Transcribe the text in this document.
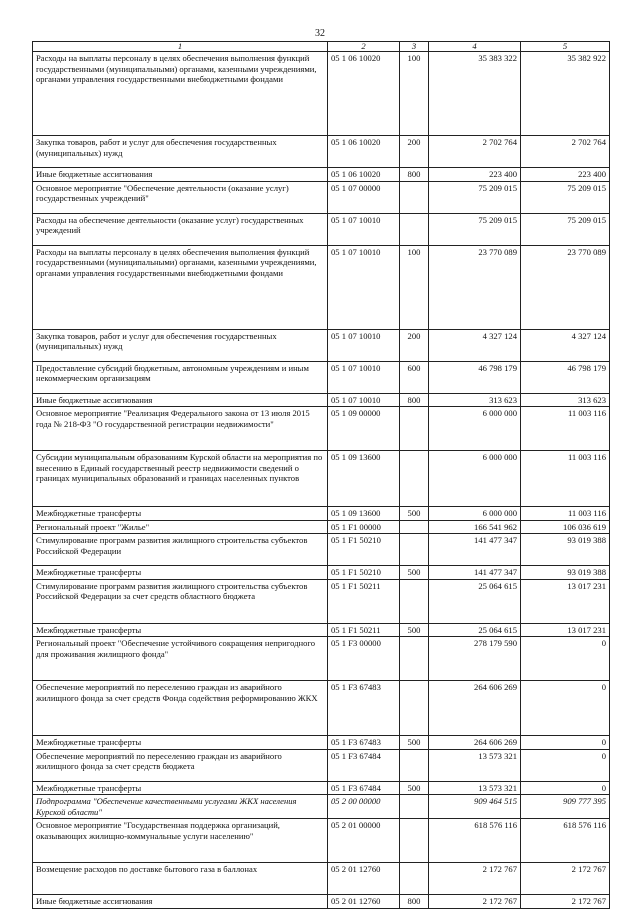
32
1	2	3	4	5
Расходы на выплаты персоналу в целях обеспечения выполнения функций государственными (муниципальными) органами, казенными учреждениями, органами управления государственными внебюджетными фондами	05 1 06 10020	100	35 383 322	35 382 922
Закупка товаров, работ и услуг для обеспечения государственных (муниципальных) нужд	05 1 06 10020	200	2 702 764	2 702 764
Иные бюджетные ассигнования	05 1 06 10020	800	223 400	223 400
Основное мероприятие "Обеспечение деятельности (оказание услуг) государственных учреждений"	05 1 07 00000		75 209 015	75 209 015
Расходы на обеспечение деятельности (оказание услуг) государственных учреждений	05 1 07 10010		75 209 015	75 209 015
Расходы на выплаты персоналу в целях обеспечения выполнения функций государственными (муниципальными) органами, казенными учреждениями, органами управления государственными внебюджетными фондами	05 1 07 10010	100	23 770 089	23 770 089
Закупка товаров, работ и услуг для обеспечения государственных (муниципальных) нужд	05 1 07 10010	200	4 327 124	4 327 124
Предоставление субсидий бюджетным, автономным учреждениям и иным некоммерческим организациям	05 1 07 10010	600	46 798 179	46 798 179
Иные бюджетные ассигнования	05 1 07 10010	800	313 623	313 623
Основное мероприятие "Реализация Федерального закона от 13 июля 2015 года № 218-ФЗ "О государственной регистрации недвижимости"	05 1 09 00000		6 000 000	11 003 116
Субсидии муниципальным образованиям Курской области на мероприятия по внесению в Единый государственный реестр недвижимости сведений о границах муниципальных образований и границах населенных пунктов	05 1 09 13600		6 000 000	11 003 116
Межбюджетные трансферты	05 1 09 13600	500	6 000 000	11 003 116
Региональный проект "Жилье"	05 1 F1 00000		166 541 962	106 036 619
Стимулирование программ развития жилищного строительства субъектов Российской Федерации	05 1 F1 50210		141 477 347	93 019 388
Межбюджетные трансферты	05 1 F1 50210	500	141 477 347	93 019 388
Стимулирование программ развития жилищного строительства субъектов Российской Федерации за счет средств областного бюджета	05 1 F1 50211		25 064 615	13 017 231
Межбюджетные трансферты	05 1 F1 50211	500	25 064 615	13 017 231
Региональный проект "Обеспечение устойчивого сокращения непригодного для проживания жилищного фонда"	05 1 F3 00000		278 179 590	0
Обеспечение мероприятий по переселению граждан из аварийного жилищного фонда за счет средств Фонда содействия реформированию ЖКХ	05 1 F3 67483		264 606 269	0
Межбюджетные трансферты	05 1 F3 67483	500	264 606 269	0
Обеспечение мероприятий по переселению граждан из аварийного жилищного фонда за счет средств бюджета	05 1 F3 67484		13 573 321	0
Межбюджетные трансферты	05 1 F3 67484	500	13 573 321	0
Подпрограмма "Обеспечение качественными услугами ЖКХ населения Курской области"	05 2 00 00000		909 464 515	909 777 395
Основное мероприятие "Государственная поддержка организаций, оказывающих жилищно-коммунальные услуги населению"	05 2 01 00000		618 576 116	618 576 116
Возмещение расходов по доставке бытового газа в баллонах	05 2 01 12760		2 172 767	2 172 767
Иные бюджетные ассигнования	05 2 01 12760	800	2 172 767	2 172 767
